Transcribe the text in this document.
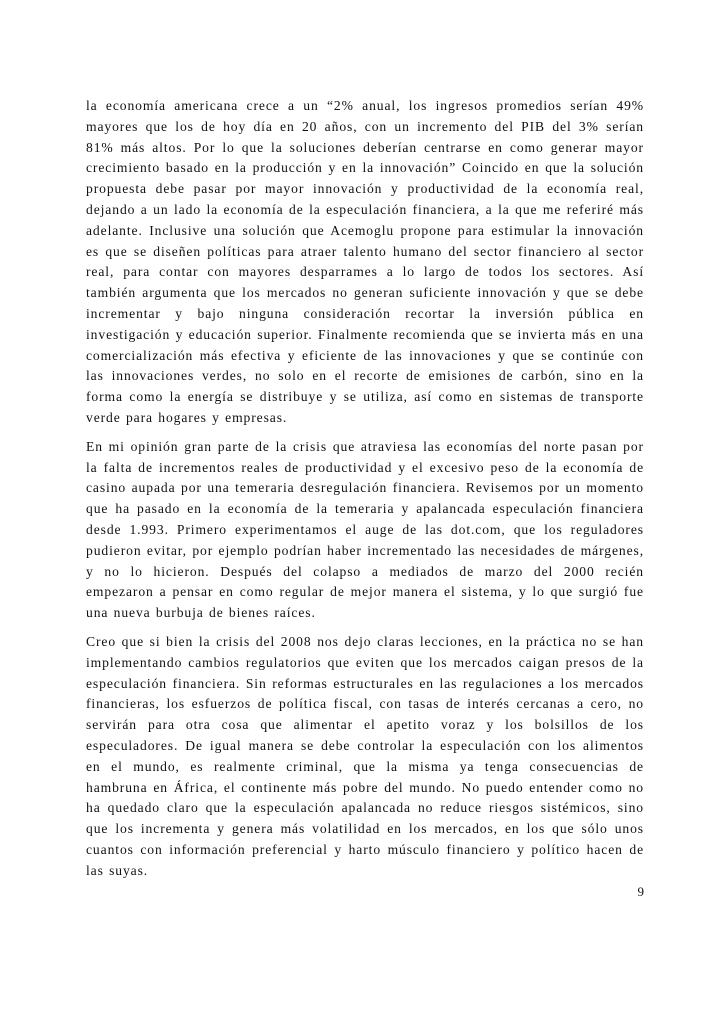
la economía americana crece a un “2% anual, los ingresos promedios serían 49% mayores que los de hoy día en 20 años, con un incremento del PIB del 3% serían 81% más altos. Por lo que la soluciones deberían centrarse en como generar mayor crecimiento basado en la producción y en la innovación” Coincido en que la solución propuesta debe pasar por mayor innovación y productividad de la economía real, dejando a un lado la economía de la especulación financiera, a la que me referiré más adelante. Inclusive una solución que Acemoglu propone para estimular la innovación es que se diseñen políticas para atraer talento humano del sector financiero al sector real, para contar con mayores desparrames a lo largo de todos los sectores. Así también argumenta que los mercados no generan suficiente innovación y que se debe incrementar y bajo ninguna consideración recortar la inversión pública en investigación y educación superior. Finalmente recomienda que se invierta más en una comercialización más efectiva y eficiente de las innovaciones y que se continúe con las innovaciones verdes, no solo en el recorte de emisiones de carbón, sino en la forma como la energía se distribuye y se utiliza, así como en sistemas de transporte verde para hogares y empresas.

En mi opinión gran parte de la crisis que atraviesa las economías del norte pasan por la falta de incrementos reales de productividad y el excesivo peso de la economía de casino aupada por una temeraria desregulación financiera. Revisemos por un momento que ha pasado en la economía de la temeraria y apalancada especulación financiera desde 1.993. Primero experimentamos el auge de las dot.com, que los reguladores pudieron evitar, por ejemplo podrían haber incrementado las necesidades de márgenes, y no lo hicieron. Después del colapso a mediados de marzo del 2000 recién empezaron a pensar en como regular de mejor manera el sistema, y lo que surgió fue una nueva burbuja de bienes raíces.

Creo que si bien la crisis del 2008 nos dejo claras lecciones, en la práctica no se han implementando cambios regulatorios que eviten que los mercados caigan presos de la especulación financiera. Sin reformas estructurales en las regulaciones a los mercados financieras, los esfuerzos de política fiscal, con tasas de interés cercanas a cero, no servirán para otra cosa que alimentar el apetito voraz y los bolsillos de los especuladores. De igual manera se debe controlar la especulación con los alimentos en el mundo, es realmente criminal, que la misma ya tenga consecuencias de hambruna en África, el continente más pobre del mundo. No puedo entender como no ha quedado claro que la especulación apalancada no reduce riesgos sistémicos, sino que los incrementa y genera más volatilidad en los mercados, en los que sólo unos cuantos con información preferencial y harto músculo financiero y político hacen de las suyas.

9
